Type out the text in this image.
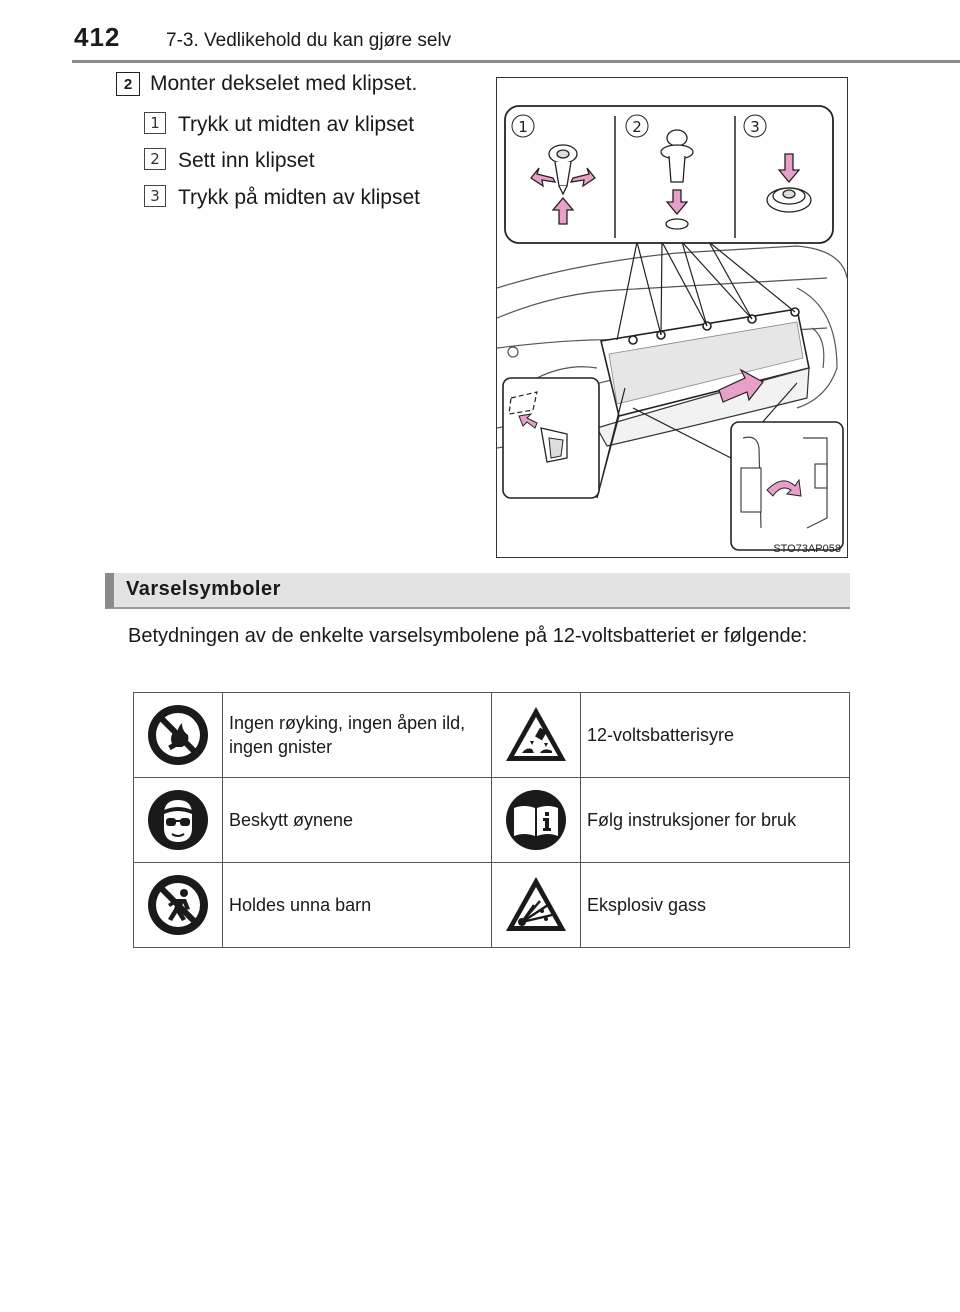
412 7-3. Vedlikehold du kan gjøre selv
2 Monter dekselet med klipset.
1 Trykk ut midten av klipset
2 Sett inn klipset
3 Trykk på midten av klipset
1	2	3
STO73AP058
Varselsymboler
Betydningen av de enkelte varselsymbolene på 12-voltsbatteriet er følgende:
	Ingen røyking, ingen åpen ild, ingen gnister		12-voltsbatterisyre

	Beskytt øynene		Følg instruksjoner for bruk

	Holdes unna barn		Eksplosiv gass
